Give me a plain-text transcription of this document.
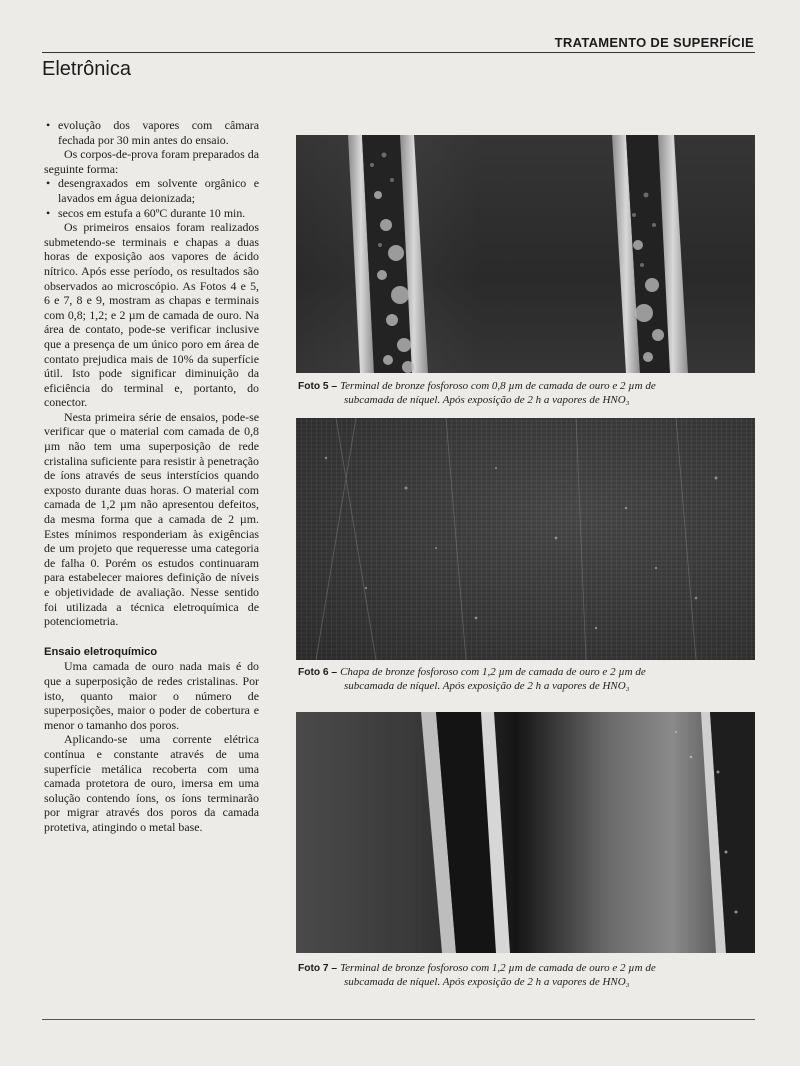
TRATAMENTO DE SUPERFÍCIE
Eletrônica
• evolução dos vapores com câmara fechada por 30 min antes do ensaio.

Os corpos-de-prova foram preparados da seguinte forma:

• desengraxados em solvente orgânico e lavados em água deionizada;
• secos em estufa a 60ºC durante 10 min.

Os primeiros ensaios foram realizados submetendo-se terminais e chapas a duas horas de exposição aos vapores de ácido nítrico. Após esse período, os resultados são observados ao microscópio. As Fotos 4 e 5, 6 e 7, 8 e 9, mostram as chapas e terminais com 0,8; 1,2; e 2 µm de camada de ouro. Na área de contato, pode-se verificar inclusive que a presença de um único poro em área de contato prejudica mais de 10% da superfície útil. Isto pode significar diminuição da eficiência do terminal e, portanto, do conector.

Nesta primeira série de ensaios, pode-se verificar que o material com camada de 0,8 µm não tem uma superposição de rede cristalina suficiente para resistir à penetração de íons através de seus interstícios quando exposto durante duas horas. O material com camada de 1,2 µm não apresentou defeitos, da mesma forma que a camada de 2 µm. Estes mínimos responderiam às exigências de um projeto que requeresse uma categoria de falha 0. Porém os estudos continuaram para estabelecer maiores definição de níveis e objetividade de avaliação. Nesse sentido foi utilizada a técnica eletroquímica de potenciometria.

Ensaio eletroquímico

Uma camada de ouro nada mais é do que a superposição de redes cristalinas. Por isto, quanto maior o número de superposições, maior o poder de cobertura e menor o tamanho dos poros.

Aplicando-se uma corrente elétrica contínua e constante através de uma superfície metálica recoberta com uma camada protetora de ouro, imersa em uma solução contendo íons, os íons terminarão por migrar através dos poros da camada protetiva, atingindo o metal base.

Foto 5 – Terminal de bronze fosforoso com 0,8 µm de camada de ouro e 2 µm de
subcamada de níquel. Após exposição de 2 h a vapores de HNO₃
Foto 6 – Chapa de bronze fosforoso com 1,2 µm de camada de ouro e 2 µm de
subcamada de níquel. Após exposição de 2 h a vapores de HNO₃
Foto 7 – Terminal de bronze fosforoso com 1,2 µm de camada de ouro e 2 µm de
subcamada de níquel. Após exposição de 2 h a vapores de HNO₃
